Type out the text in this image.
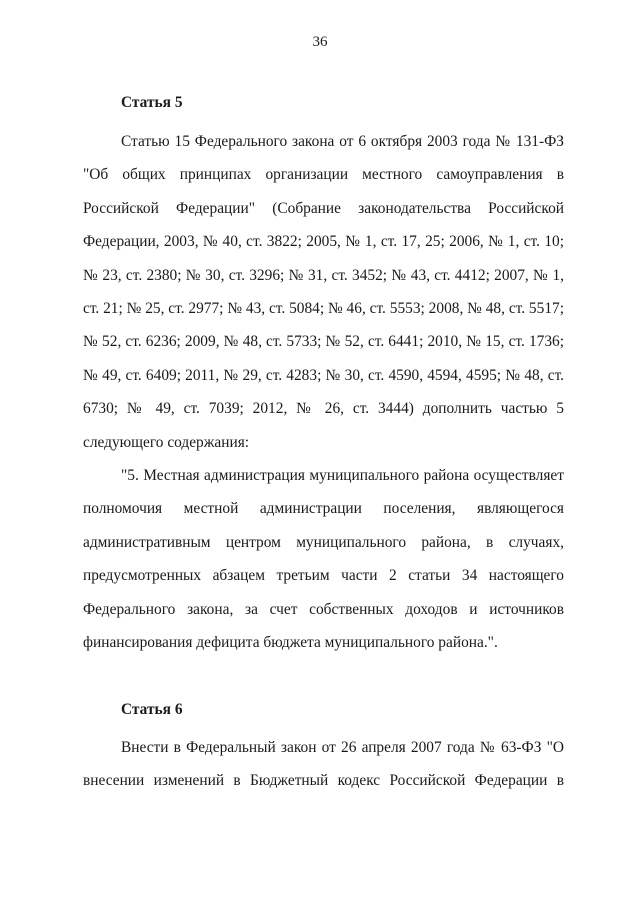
36

Статья 5

Статью 15 Федерального закона от 6 октября 2003 года № 131-ФЗ "Об общих принципах организации местного самоуправления в Российской Федерации" (Собрание законодательства Российской Федерации, 2003, № 40, ст. 3822; 2005, № 1, ст. 17, 25; 2006, № 1, ст. 10; № 23, ст. 2380; № 30, ст. 3296; № 31, ст. 3452; № 43, ст. 4412; 2007, № 1, ст. 21; № 25, ст. 2977; № 43, ст. 5084; № 46, ст. 5553; 2008, № 48, ст. 5517; № 52, ст. 6236; 2009, № 48, ст. 5733; № 52, ст. 6441; 2010, № 15, ст. 1736; № 49, ст. 6409; 2011, № 29, ст. 4283; № 30, ст. 4590, 4594, 4595; № 48, ст. 6730; № 49, ст. 7039; 2012, № 26, ст. 3444) дополнить частью 5 следующего содержания:

"5. Местная администрация муниципального района осуществляет полномочия местной администрации поселения, являющегося административным центром муниципального района, в случаях, предусмотренных абзацем третьим части 2 статьи 34 настоящего Федерального закона, за счет собственных доходов и источников финансирования дефицита бюджета муниципального района.".

Статья 6

Внести в Федеральный закон от 26 апреля 2007 года № 63-ФЗ "О внесении изменений в Бюджетный кодекс Российской Федерации в
